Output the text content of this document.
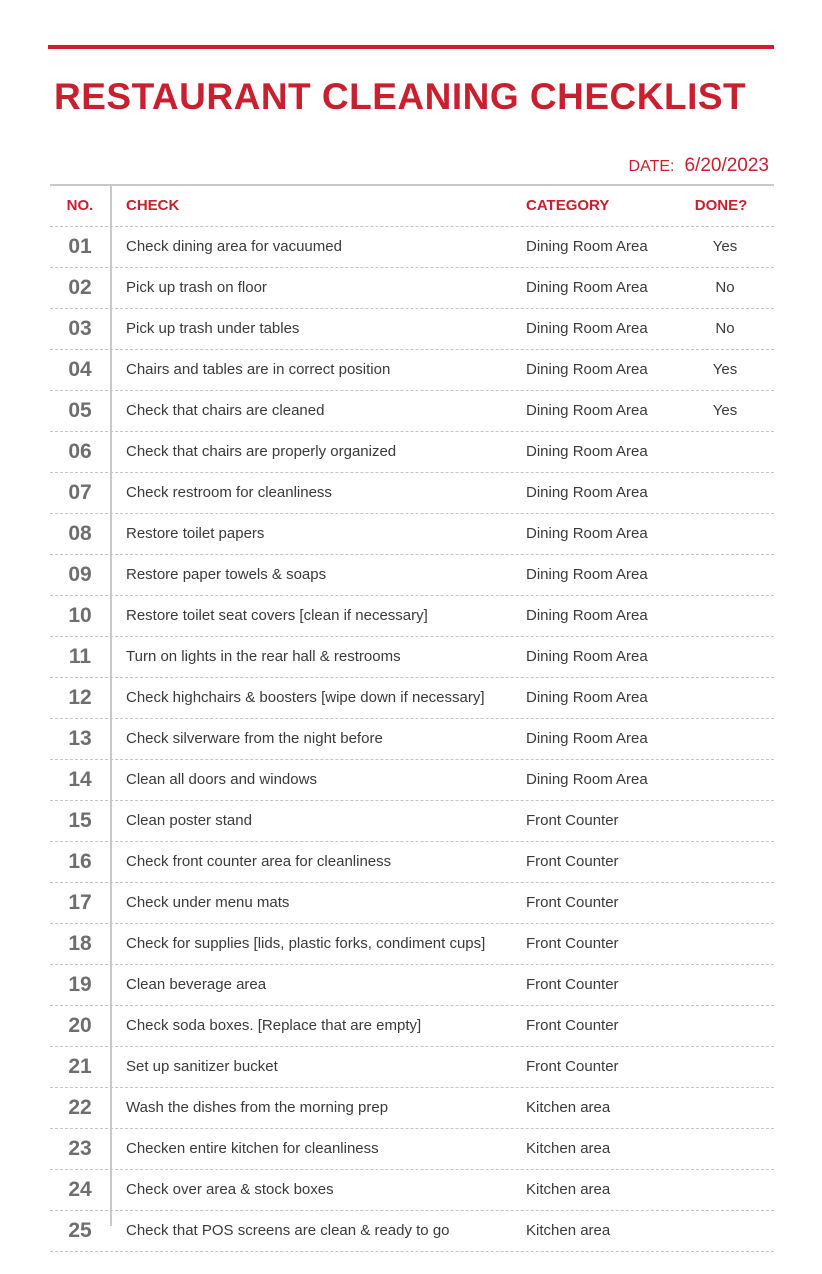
RESTAURANT CLEANING CHECKLIST
DATE: 6/20/2023
NO.	CHECK	CATEGORY	DONE?
01	Check dining area for vacuumed	Dining Room Area	Yes
02	Pick up trash on floor	Dining Room Area	No
03	Pick up trash under tables	Dining Room Area	No
04	Chairs and tables are in correct position	Dining Room Area	Yes
05	Check that chairs are cleaned	Dining Room Area	Yes
06	Check that chairs are properly organized	Dining Room Area
07	Check restroom for cleanliness	Dining Room Area
08	Restore toilet papers	Dining Room Area
09	Restore paper towels & soaps	Dining Room Area
10	Restore toilet seat covers [clean if necessary]	Dining Room Area
11	Turn on lights in the rear hall & restrooms	Dining Room Area
12	Check highchairs & boosters [wipe down if necessary]	Dining Room Area
13	Check silverware from the night before	Dining Room Area
14	Clean all doors and windows	Dining Room Area
15	Clean poster stand	Front Counter
16	Check front counter area for cleanliness	Front Counter
17	Check under menu mats	Front Counter
18	Check for supplies [lids, plastic forks, condiment cups]	Front Counter
19	Clean beverage area	Front Counter
20	Check soda boxes. [Replace that are empty]	Front Counter
21	Set up sanitizer bucket	Front Counter
22	Wash the dishes from the morning prep	Kitchen area
23	Checken entire kitchen for cleanliness	Kitchen area
24	Check over area & stock boxes	Kitchen area
25	Check that POS screens are clean & ready to go	Kitchen area
